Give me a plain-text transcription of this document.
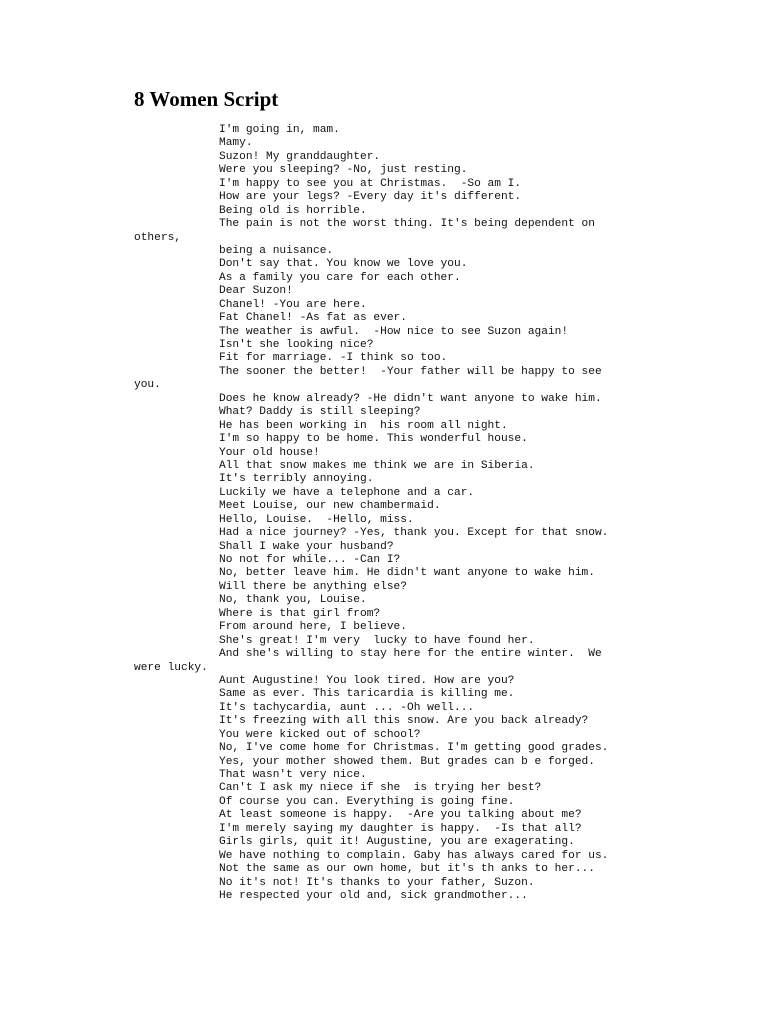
8 Women Script
I'm going in, mam.
Mamy.
Suzon! My granddaughter.
Were you sleeping? -No, just resting.
I'm happy to see you at Christmas.  -So am I.
How are your legs? -Every day it's different.
Being old is horrible.
The pain is not the worst thing. It's being dependent on
others,
being a nuisance.
Don't say that. You know we love you.
As a family you care for each other.
Dear Suzon!
Chanel! -You are here.
Fat Chanel! -As fat as ever.
The weather is awful.  -How nice to see Suzon again!
Isn't she looking nice?
Fit for marriage. -I think so too.
The sooner the better!  -Your father will be happy to see
you.
Does he know already? -He didn't want anyone to wake him.
What? Daddy is still sleeping?
He has been working in  his room all night.
I'm so happy to be home. This wonderful house.
Your old house!
All that snow makes me think we are in Siberia.
It's terribly annoying.
Luckily we have a telephone and a car.
Meet Louise, our new chambermaid.
Hello, Louise.  -Hello, miss.
Had a nice journey? -Yes, thank you. Except for that snow.
Shall I wake your husband?
No not for while... -Can I?
No, better leave him. He didn't want anyone to wake him.
Will there be anything else?
No, thank you, Louise.
Where is that girl from?
From around here, I believe.
She's great! I'm very  lucky to have found her.
And she's willing to stay here for the entire winter.  We
were lucky.
Aunt Augustine! You look tired. How are you?
Same as ever. This taricardia is killing me.
It's tachycardia, aunt ... -Oh well...
It's freezing with all this snow. Are you back already?
You were kicked out of school?
No, I've come home for Christmas. I'm getting good grades.
Yes, your mother showed them. But grades can b e forged.
That wasn't very nice.
Can't I ask my niece if she  is trying her best?
Of course you can. Everything is going fine.
At least someone is happy.  -Are you talking about me?
I'm merely saying my daughter is happy.  -Is that all?
Girls girls, quit it! Augustine, you are exagerating.
We have nothing to complain. Gaby has always cared for us.
Not the same as our own home, but it's th anks to her...
No it's not! It's thanks to your father, Suzon.
He respected your old and, sick grandmother...
